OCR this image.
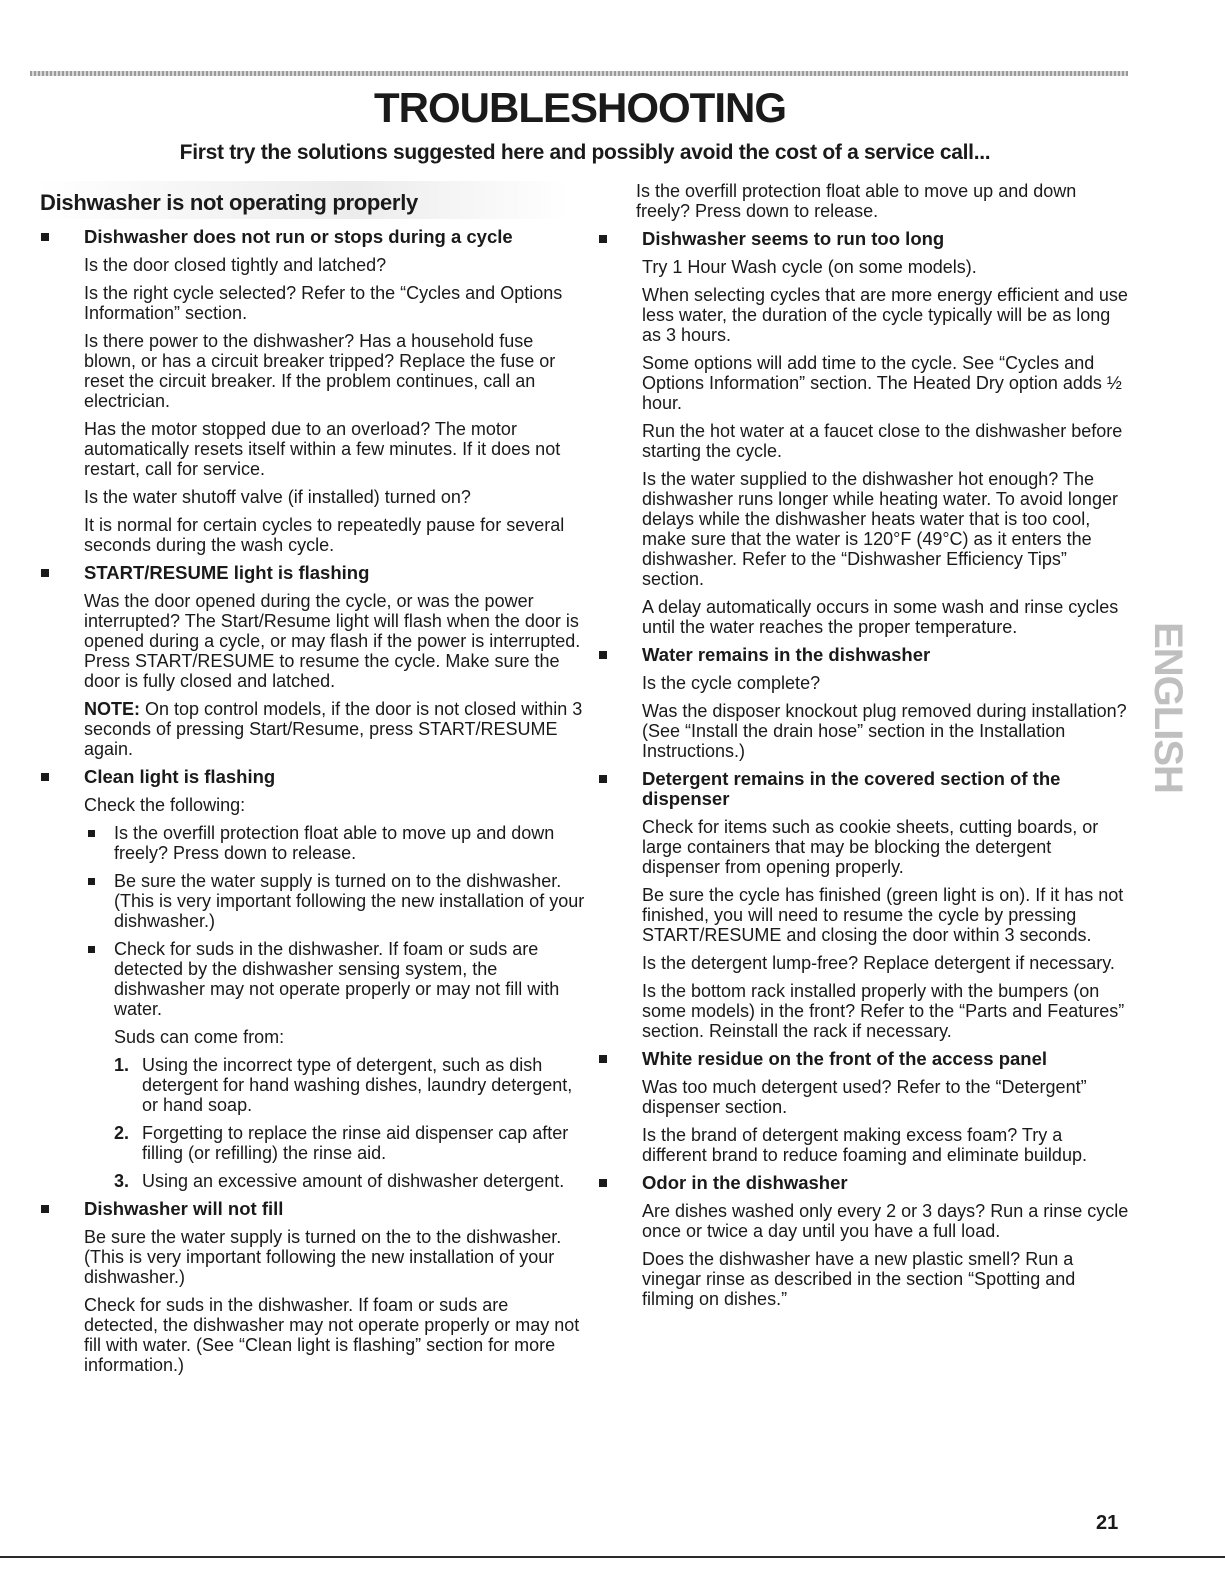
TROUBLESHOOTING
First try the solutions suggested here and possibly avoid the cost of a service call...
Dishwasher is not operating properly
Dishwasher does not run or stops during a cycle

Is the door closed tightly and latched?

Is the right cycle selected? Refer to the “Cycles and Options Information” section.

Is there power to the dishwasher? Has a household fuse blown, or has a circuit breaker tripped? Replace the fuse or reset the circuit breaker. If the problem continues, call an electrician.

Has the motor stopped due to an overload? The motor automatically resets itself within a few minutes. If it does not restart, call for service.

Is the water shutoff valve (if installed) turned on?

It is normal for certain cycles to repeatedly pause for several seconds during the wash cycle.

START/RESUME light is flashing

Was the door opened during the cycle, or was the power interrupted? The Start/Resume light will flash when the door is opened during a cycle, or may flash if the power is interrupted. Press START/RESUME to resume the cycle. Make sure the door is fully closed and latched.

NOTE: On top control models, if the door is not closed within 3 seconds of pressing Start/Resume, press START/RESUME again.

Clean light is flashing

Check the following:

Is the overfill protection float able to move up and down freely? Press down to release.
Be sure the water supply is turned on to the dishwasher. (This is very important following the new installation of your dishwasher.)
Check for suds in the dishwasher. If foam or suds are detected by the dishwasher sensing system, the dishwasher may not operate properly or may not fill with water.
Suds can come from:
1. Using the incorrect type of detergent, such as dish detergent for hand washing dishes, laundry detergent, or hand soap.
2. Forgetting to replace the rinse aid dispenser cap after filling (or refilling) the rinse aid.
3. Using an excessive amount of dishwasher detergent.
Dishwasher will not fill

Be sure the water supply is turned on the to the dishwasher. (This is very important following the new installation of your dishwasher.)

Check for suds in the dishwasher. If foam or suds are detected, the dishwasher may not operate properly or may not fill with water. (See “Clean light is flashing” section for more information.)

Is the overfill protection float able to move up and down freely? Press down to release.

Dishwasher seems to run too long

Try 1 Hour Wash cycle (on some models).

When selecting cycles that are more energy efficient and use less water, the duration of the cycle typically will be as long as 3 hours.

Some options will add time to the cycle. See “Cycles and Options Information” section. The Heated Dry option adds ½ hour.

Run the hot water at a faucet close to the dishwasher before starting the cycle.

Is the water supplied to the dishwasher hot enough? The dishwasher runs longer while heating water. To avoid longer delays while the dishwasher heats water that is too cool, make sure that the water is 120°F (49°C) as it enters the dishwasher. Refer to the “Dishwasher Efficiency Tips” section.

A delay automatically occurs in some wash and rinse cycles until the water reaches the proper temperature.

Water remains in the dishwasher

Is the cycle complete?

Was the disposer knockout plug removed during installation? (See “Install the drain hose” section in the Installation Instructions.)

Detergent remains in the covered section of the dispenser

Check for items such as cookie sheets, cutting boards, or large containers that may be blocking the detergent dispenser from opening properly.

Be sure the cycle has finished (green light is on). If it has not finished, you will need to resume the cycle by pressing START/RESUME and closing the door within 3 seconds.

Is the detergent lump-free? Replace detergent if necessary.

Is the bottom rack installed properly with the bumpers (on some models) in the front? Refer to the “Parts and Features” section. Reinstall the rack if necessary.

White residue on the front of the access panel

Was too much detergent used? Refer to the “Detergent” dispenser section.

Is the brand of detergent making excess foam? Try a different brand to reduce foaming and eliminate buildup.

Odor in the dishwasher

Are dishes washed only every 2 or 3 days? Run a rinse cycle once or twice a day until you have a full load.

Does the dishwasher have a new plastic smell? Run a vinegar rinse as described in the section “Spotting and filming on dishes.”

ENGLISH
21
